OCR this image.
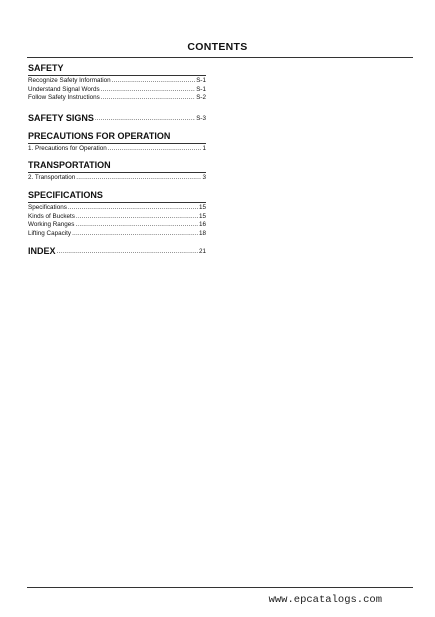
CONTENTS
SAFETY
Recognize Safety Information .....	S-1
Understand Signal Words .....	S-1
Follow Safety Instructions .....	S-2
SAFETY SIGNS .....	S-3
PRECAUTIONS FOR OPERATION
1. Precautions for Operation .....	1
TRANSPORTATION
2. Transportation .....	3
SPECIFICATIONS
Specifications .....	15
Kinds of Buckets .....	15
Working Ranges .....	16
Lifting Capacity .....	18
INDEX .....	21
www.epcatalogs.com
